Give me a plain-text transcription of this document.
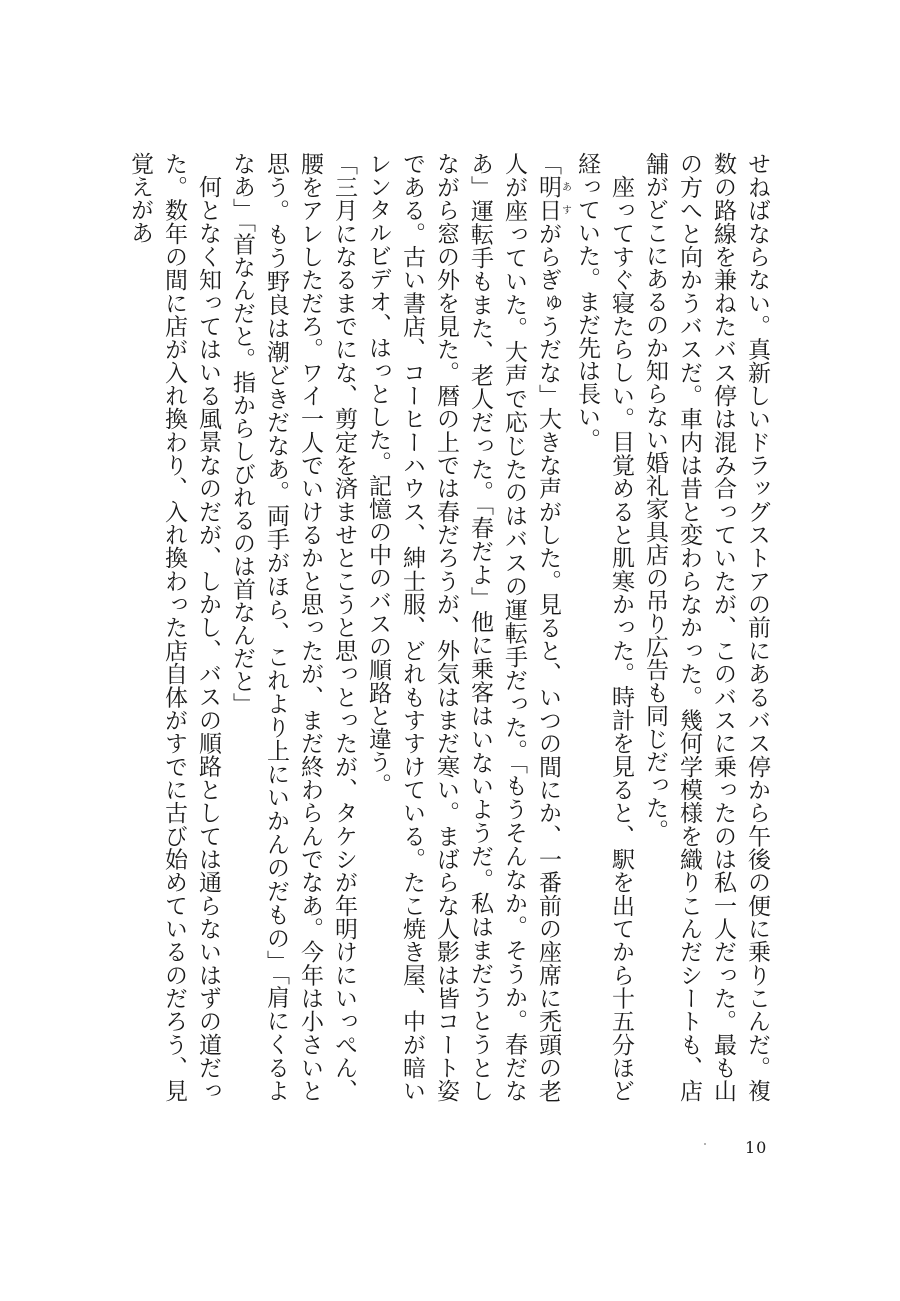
せねばならない。真新しいドラッグストアの前にあるバス停から午後の便に乗りこんだ。複数の路線を兼ねたバス停は混み合っていたが、このバスに乗ったのは私一人だった。最も山の方へと向かうバスだ。車内は昔と変わらなかった。幾何学模様を織りこんだシートも、店舗がどこにあるのか知らない婚礼家具店の吊り広告も同じだった。

座ってすぐ寝たらしい。目覚めると肌寒かった。時計を見ると、駅を出てから十五分ほど経っていた。まだ先は長い。

「明日あすがらぎゅうだな」大きな声がした。見ると、いつの間にか、一番前の座席に禿頭の老人が座っていた。大声で応じたのはバスの運転手だった。「もうそんなか。そうか。春だなあ」運転手もまた、老人だった。「春だよ」他に乗客はいないようだ。私はまだうとうとしながら窓の外を見た。暦の上では春だろうが、外気はまだ寒い。まばらな人影は皆コート姿である。古い書店、コーヒーハウス、紳士服、どれもすすけている。たこ焼き屋、中が暗いレンタルビデオ、はっとした。記憶の中のバスの順路と違う。

「三月になるまでにな、剪定を済ませとこうと思っとったが、タケシが年明けにいっぺん、腰をアレしただろ。ワイ一人でいけるかと思ったが、まだ終わらんでなあ。今年は小さいと思う。もう野良は潮どきだなあ。両手がほら、これより上にいかんのだもの」「肩にくるよなあ」「首なんだと。指からしびれるのは首なんだと」

何となく知ってはいる風景なのだが、しかし、バスの順路としては通らないはずの道だった。数年の間に店が入れ換わり、入れ換わった店自体がすでに古び始めているのだろう、見覚えがあ

10
